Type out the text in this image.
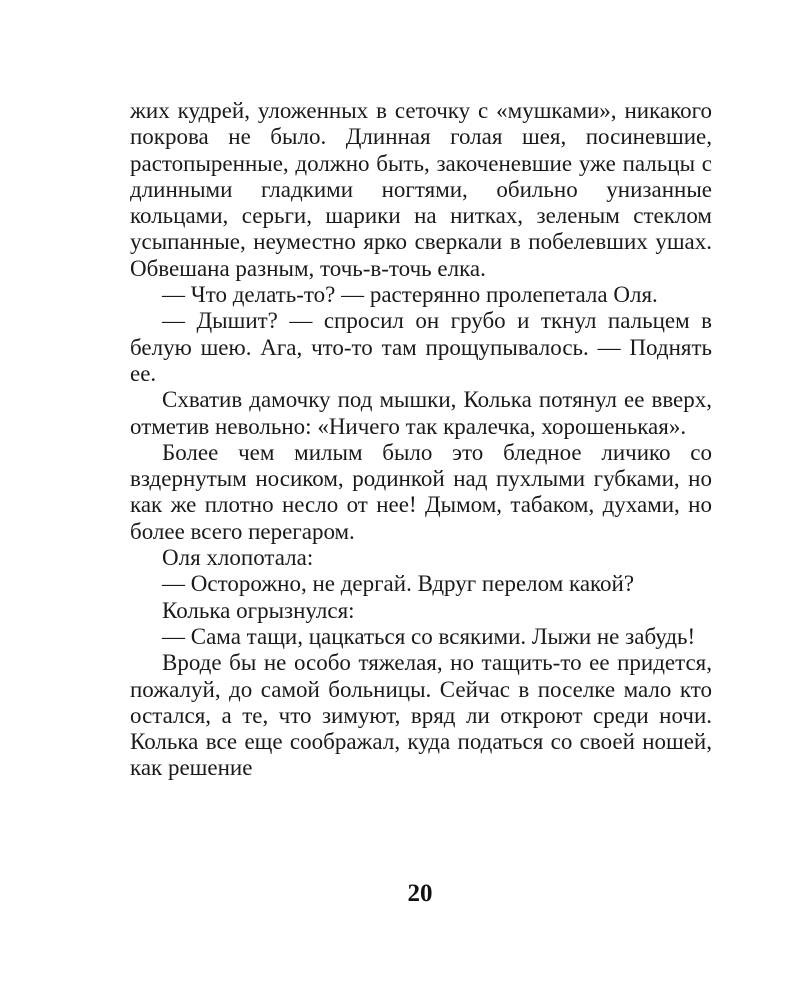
жих кудрей, уложенных в сеточку с «мушками», никакого покрова не было. Длинная голая шея, посиневшие, растопыренные, должно быть, закоченевшие уже пальцы с длинными гладкими ногтями, обильно унизанные кольцами, серьги, шарики на нитках, зеленым стеклом усыпанные, неуместно ярко сверкали в побелевших ушах. Обвешана разным, точь-в-точь елка.

— Что делать-то? — растерянно пролепетала Оля.

— Дышит? — спросил он грубо и ткнул пальцем в белую шею. Ага, что-то там прощупывалось. — Поднять ее.

Схватив дамочку под мышки, Колька потянул ее вверх, отметив невольно: «Ничего так кралечка, хорошенькая».

Более чем милым было это бледное личико со вздернутым носиком, родинкой над пухлыми губками, но как же плотно несло от нее! Дымом, табаком, духами, но более всего перегаром.

Оля хлопотала:

— Осторожно, не дергай. Вдруг перелом какой?

Колька огрызнулся:

— Сама тащи, цацкаться со всякими. Лыжи не забудь!

Вроде бы не особо тяжелая, но тащить-то ее придется, пожалуй, до самой больницы. Сейчас в поселке мало кто остался, а те, что зимуют, вряд ли откроют среди ночи. Колька все еще соображал, куда податься со своей ношей, как решение

20
